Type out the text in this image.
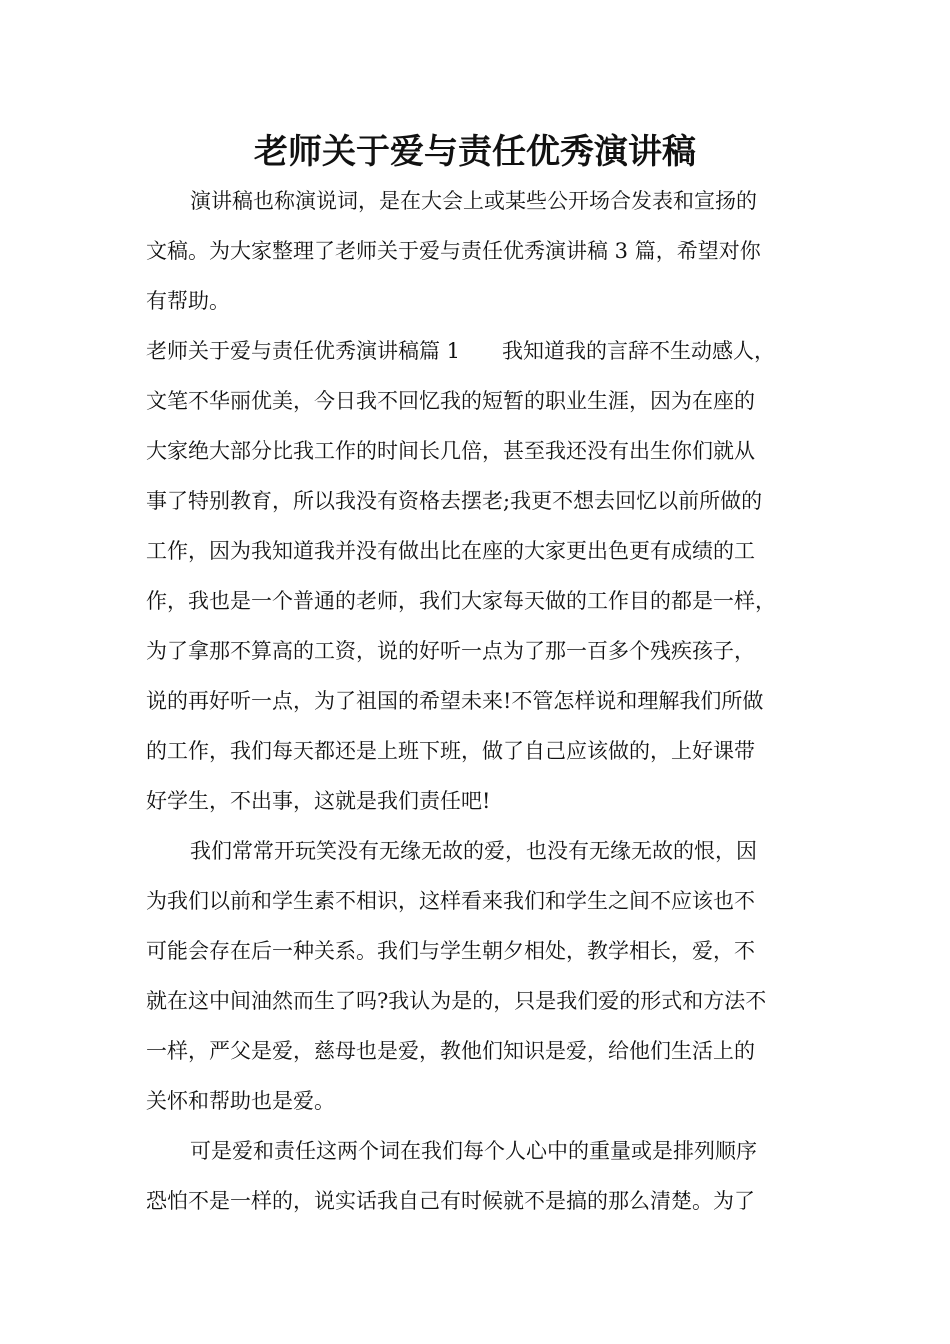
老师关于爱与责任优秀演讲稿

演讲稿也称演说词，是在大会上或某些公开场合发表和宣扬的

文稿。为大家整理了老师关于爱与责任优秀演讲稿 3 篇，希望对你

有帮助。

老师关于爱与责任优秀演讲稿篇 1 我知道我的言辞不生动感人，

文笔不华丽优美，今日我不回忆我的短暂的职业生涯，因为在座的

大家绝大部分比我工作的时间长几倍，甚至我还没有出生你们就从

事了特别教育，所以我没有资格去摆老;我更不想去回忆以前所做的

工作，因为我知道我并没有做出比在座的大家更出色更有成绩的工

作，我也是一个普通的老师，我们大家每天做的工作目的都是一样，

为了拿那不算高的工资，说的好听一点为了那一百多个残疾孩子，

说的再好听一点，为了祖国的希望未来!不管怎样说和理解我们所做

的工作，我们每天都还是上班下班，做了自己应该做的，上好课带

好学生，不出事，这就是我们责任吧!

我们常常开玩笑没有无缘无故的爱，也没有无缘无故的恨，因

为我们以前和学生素不相识，这样看来我们和学生之间不应该也不

可能会存在后一种关系。我们与学生朝夕相处，教学相长，爱，不

就在这中间油然而生了吗?我认为是的，只是我们爱的形式和方法不

一样，严父是爱，慈母也是爱，教他们知识是爱，给他们生活上的

关怀和帮助也是爱。

可是爱和责任这两个词在我们每个人心中的重量或是排列顺序

恐怕不是一样的，说实话我自己有时候就不是搞的那么清楚。为了
